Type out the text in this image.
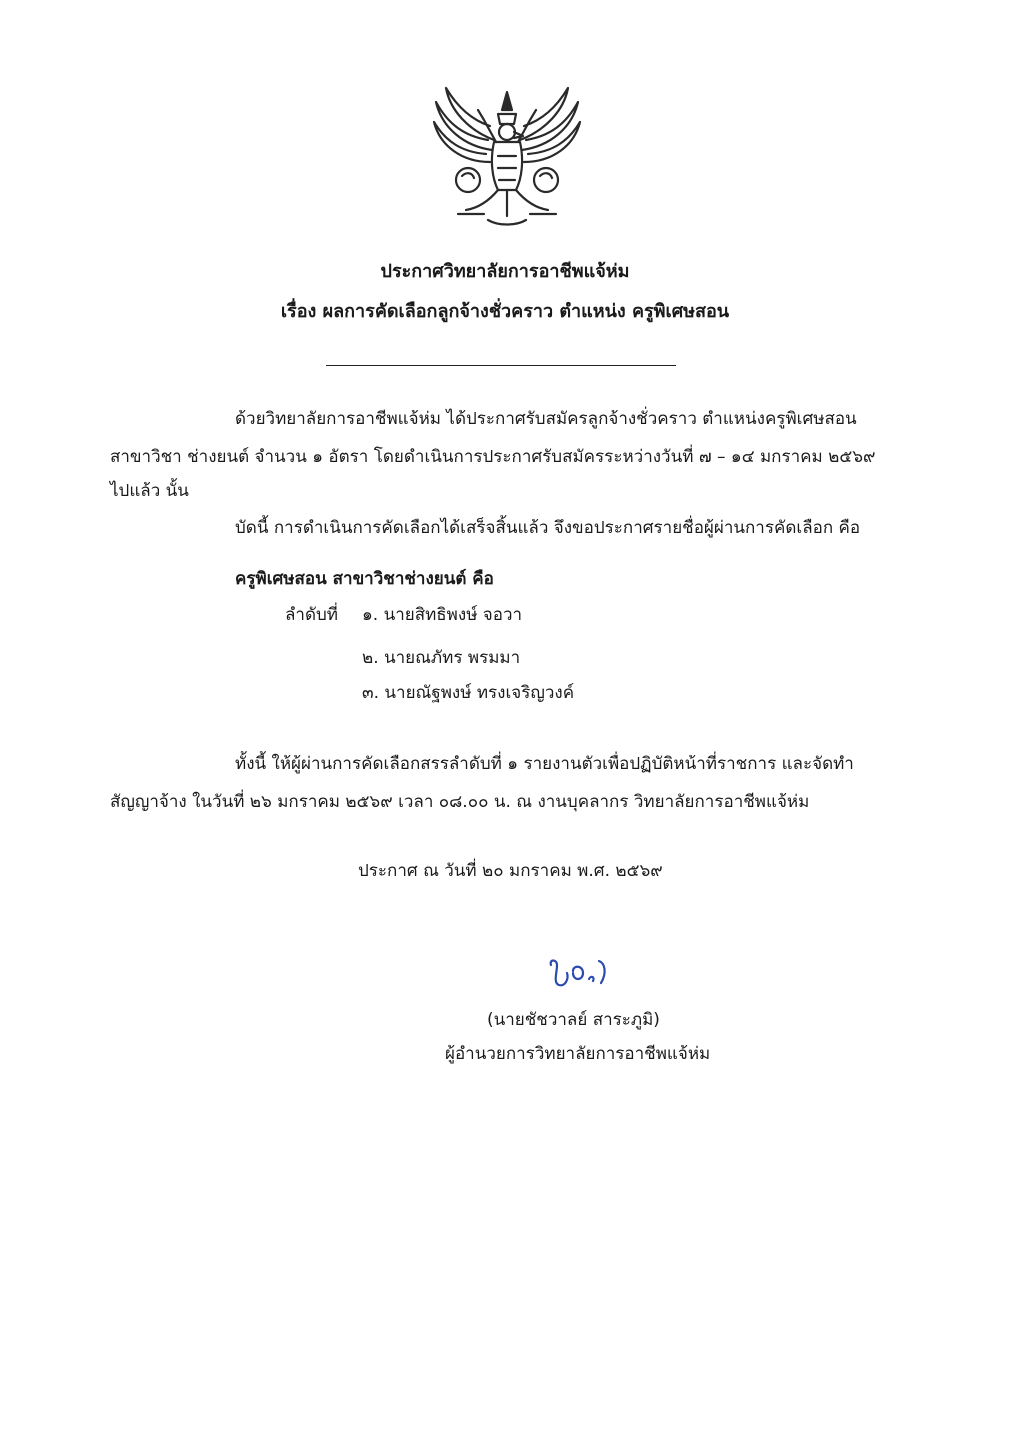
ประกาศวิทยาลัยการอาชีพแจ้ห่ม
เรื่อง ผลการคัดเลือกลูกจ้างชั่วคราว ตำแหน่ง ครูพิเศษสอน
ด้วยวิทยาลัยการอาชีพแจ้ห่ม ได้ประกาศรับสมัครลูกจ้างชั่วคราว ตำแหน่งครูพิเศษสอน
สาขาวิชา ช่างยนต์ จำนวน ๑ อัตรา โดยดำเนินการประกาศรับสมัครระหว่างวันที่ ๗ – ๑๔ มกราคม ๒๕๖๙
ไปแล้ว นั้น
บัดนี้ การดำเนินการคัดเลือกได้เสร็จสิ้นแล้ว จึงขอประกาศรายชื่อผู้ผ่านการคัดเลือก คือ
ครูพิเศษสอน สาขาวิชาช่างยนต์ คือ
ลำดับที่ ๑. นายสิทธิพงษ์ จอวา
๒. นายณภัทร พรมมา
๓. นายณัฐพงษ์ ทรงเจริญวงค์
ทั้งนี้ ให้ผู้ผ่านการคัดเลือกสรรลำดับที่ ๑ รายงานตัวเพื่อปฏิบัติหน้าที่ราชการ และจัดทำ
สัญญาจ้าง ในวันที่ ๒๖ มกราคม ๒๕๖๙ เวลา ๐๘.๐๐ น. ณ งานบุคลากร วิทยาลัยการอาชีพแจ้ห่ม
ประกาศ ณ วันที่ ๒๐ มกราคม พ.ศ. ๒๕๖๙
(นายชัชวาลย์ สาระภูมิ)
ผู้อำนวยการวิทยาลัยการอาชีพแจ้ห่ม
